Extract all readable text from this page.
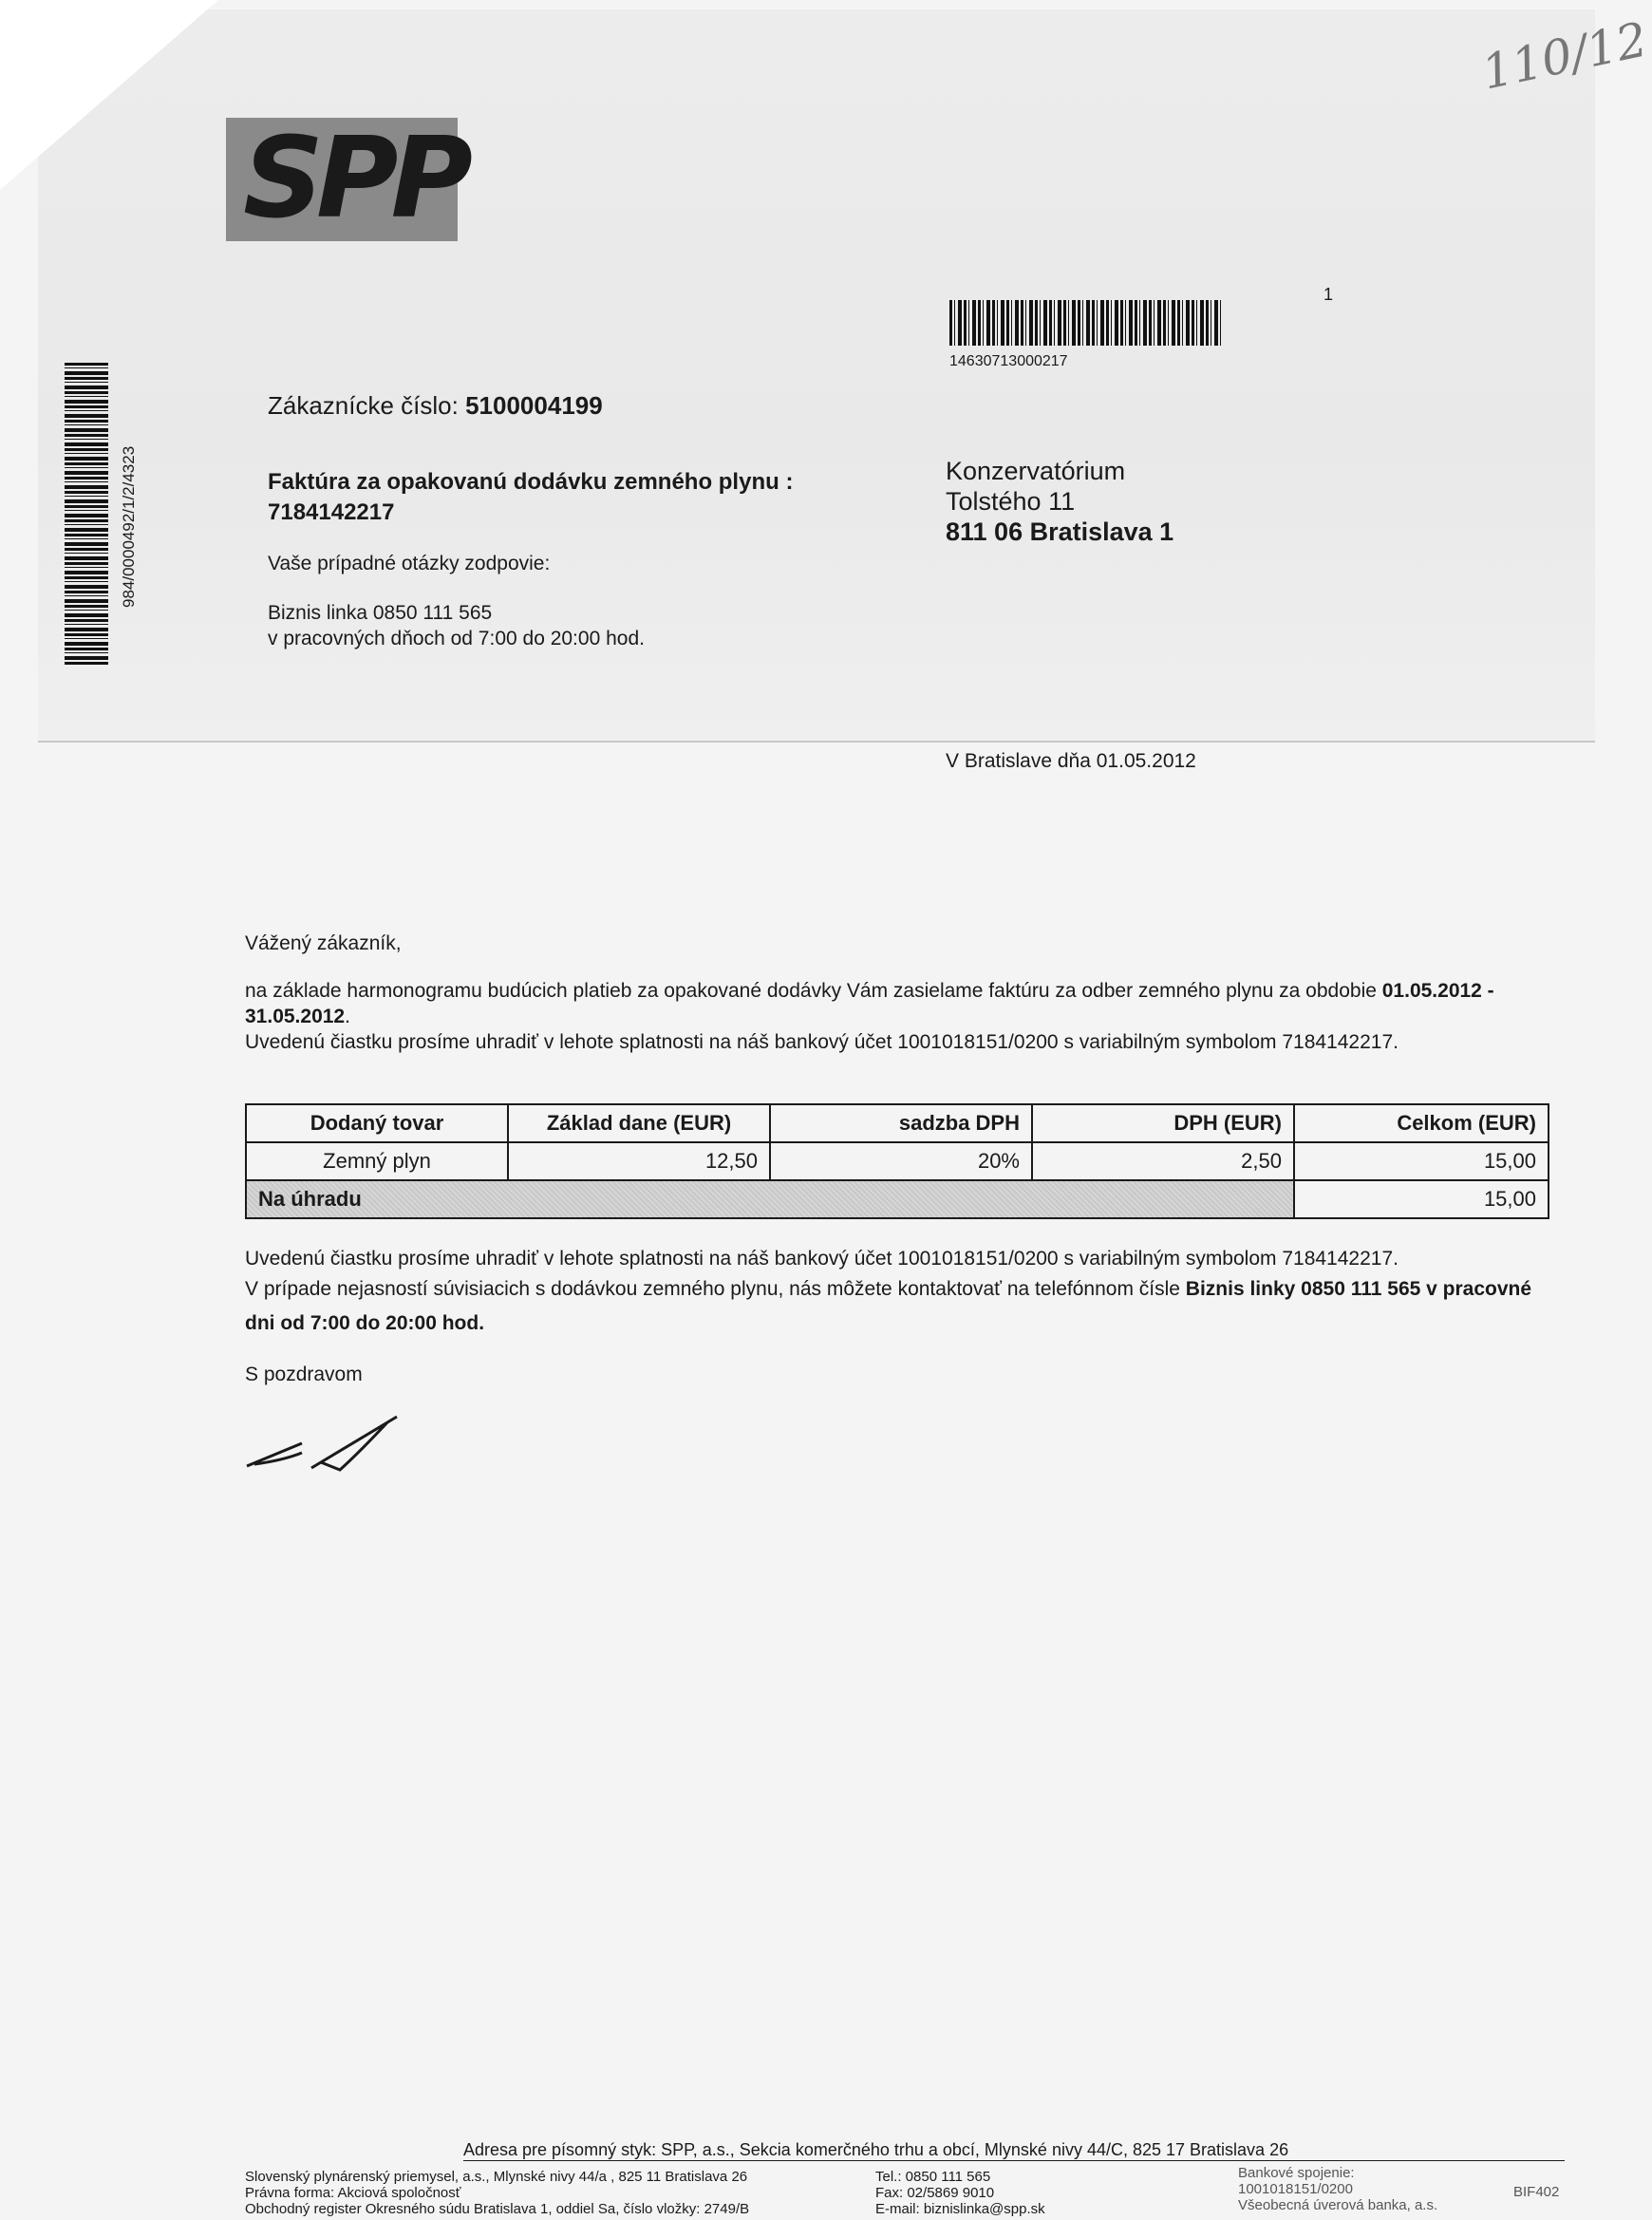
SPP
110/12
1
14630713000217
984/0000492/1/2/4323
Zákaznícke číslo: 5100004199
Faktúra za opakovanú dodávku zemného plynu :
7184142217
Vaše prípadné otázky zodpovie:
Biznis linka 0850 111 565
v pracovných dňoch od 7:00 do 20:00 hod.
Konzervatórium
Tolstého 11
811 06 Bratislava 1
V Bratislave dňa 01.05.2012
Vážený zákazník,
na základe harmonogramu budúcich platieb za opakované dodávky Vám zasielame faktúru za odber zemného plynu za obdobie 01.05.2012 - 31.05.2012.
Uvedenú čiastku prosíme uhradiť v lehote splatnosti na náš bankový účet 1001018151/0200 s variabilným symbolom 7184142217.
Dodaný tovar	Základ dane (EUR)	sadzba DPH	DPH (EUR)	Celkom (EUR)
Zemný plyn	12,50	20%	2,50	15,00
Na úhradu				15,00
Uvedenú čiastku prosíme uhradiť v lehote splatnosti na náš bankový účet 1001018151/0200 s variabilným symbolom 7184142217.
V prípade nejasností súvisiacich s dodávkou zemného plynu, nás môžete kontaktovať na telefónnom čísle Biznis linky 0850 111 565 v pracovné dni od 7:00 do 20:00 hod.
S pozdravom
Adresa pre písomný styk: SPP, a.s., Sekcia komerčného trhu a obcí, Mlynské nivy 44/C, 825 17 Bratislava 26
Slovenský plynárenský priemysel, a.s., Mlynské nivy 44/a , 825 11 Bratislava 26
Právna forma: Akciová spoločnosť
Obchodný register Okresného súdu Bratislava 1, oddiel Sa, číslo vložky: 2749/B
Tel.: 0850 111 565
Fax: 02/5869 9010
E-mail: biznislinka@spp.sk
Bankové spojenie:
1001018151/0200
Všeobecná úverová banka, a.s.
BIF402
